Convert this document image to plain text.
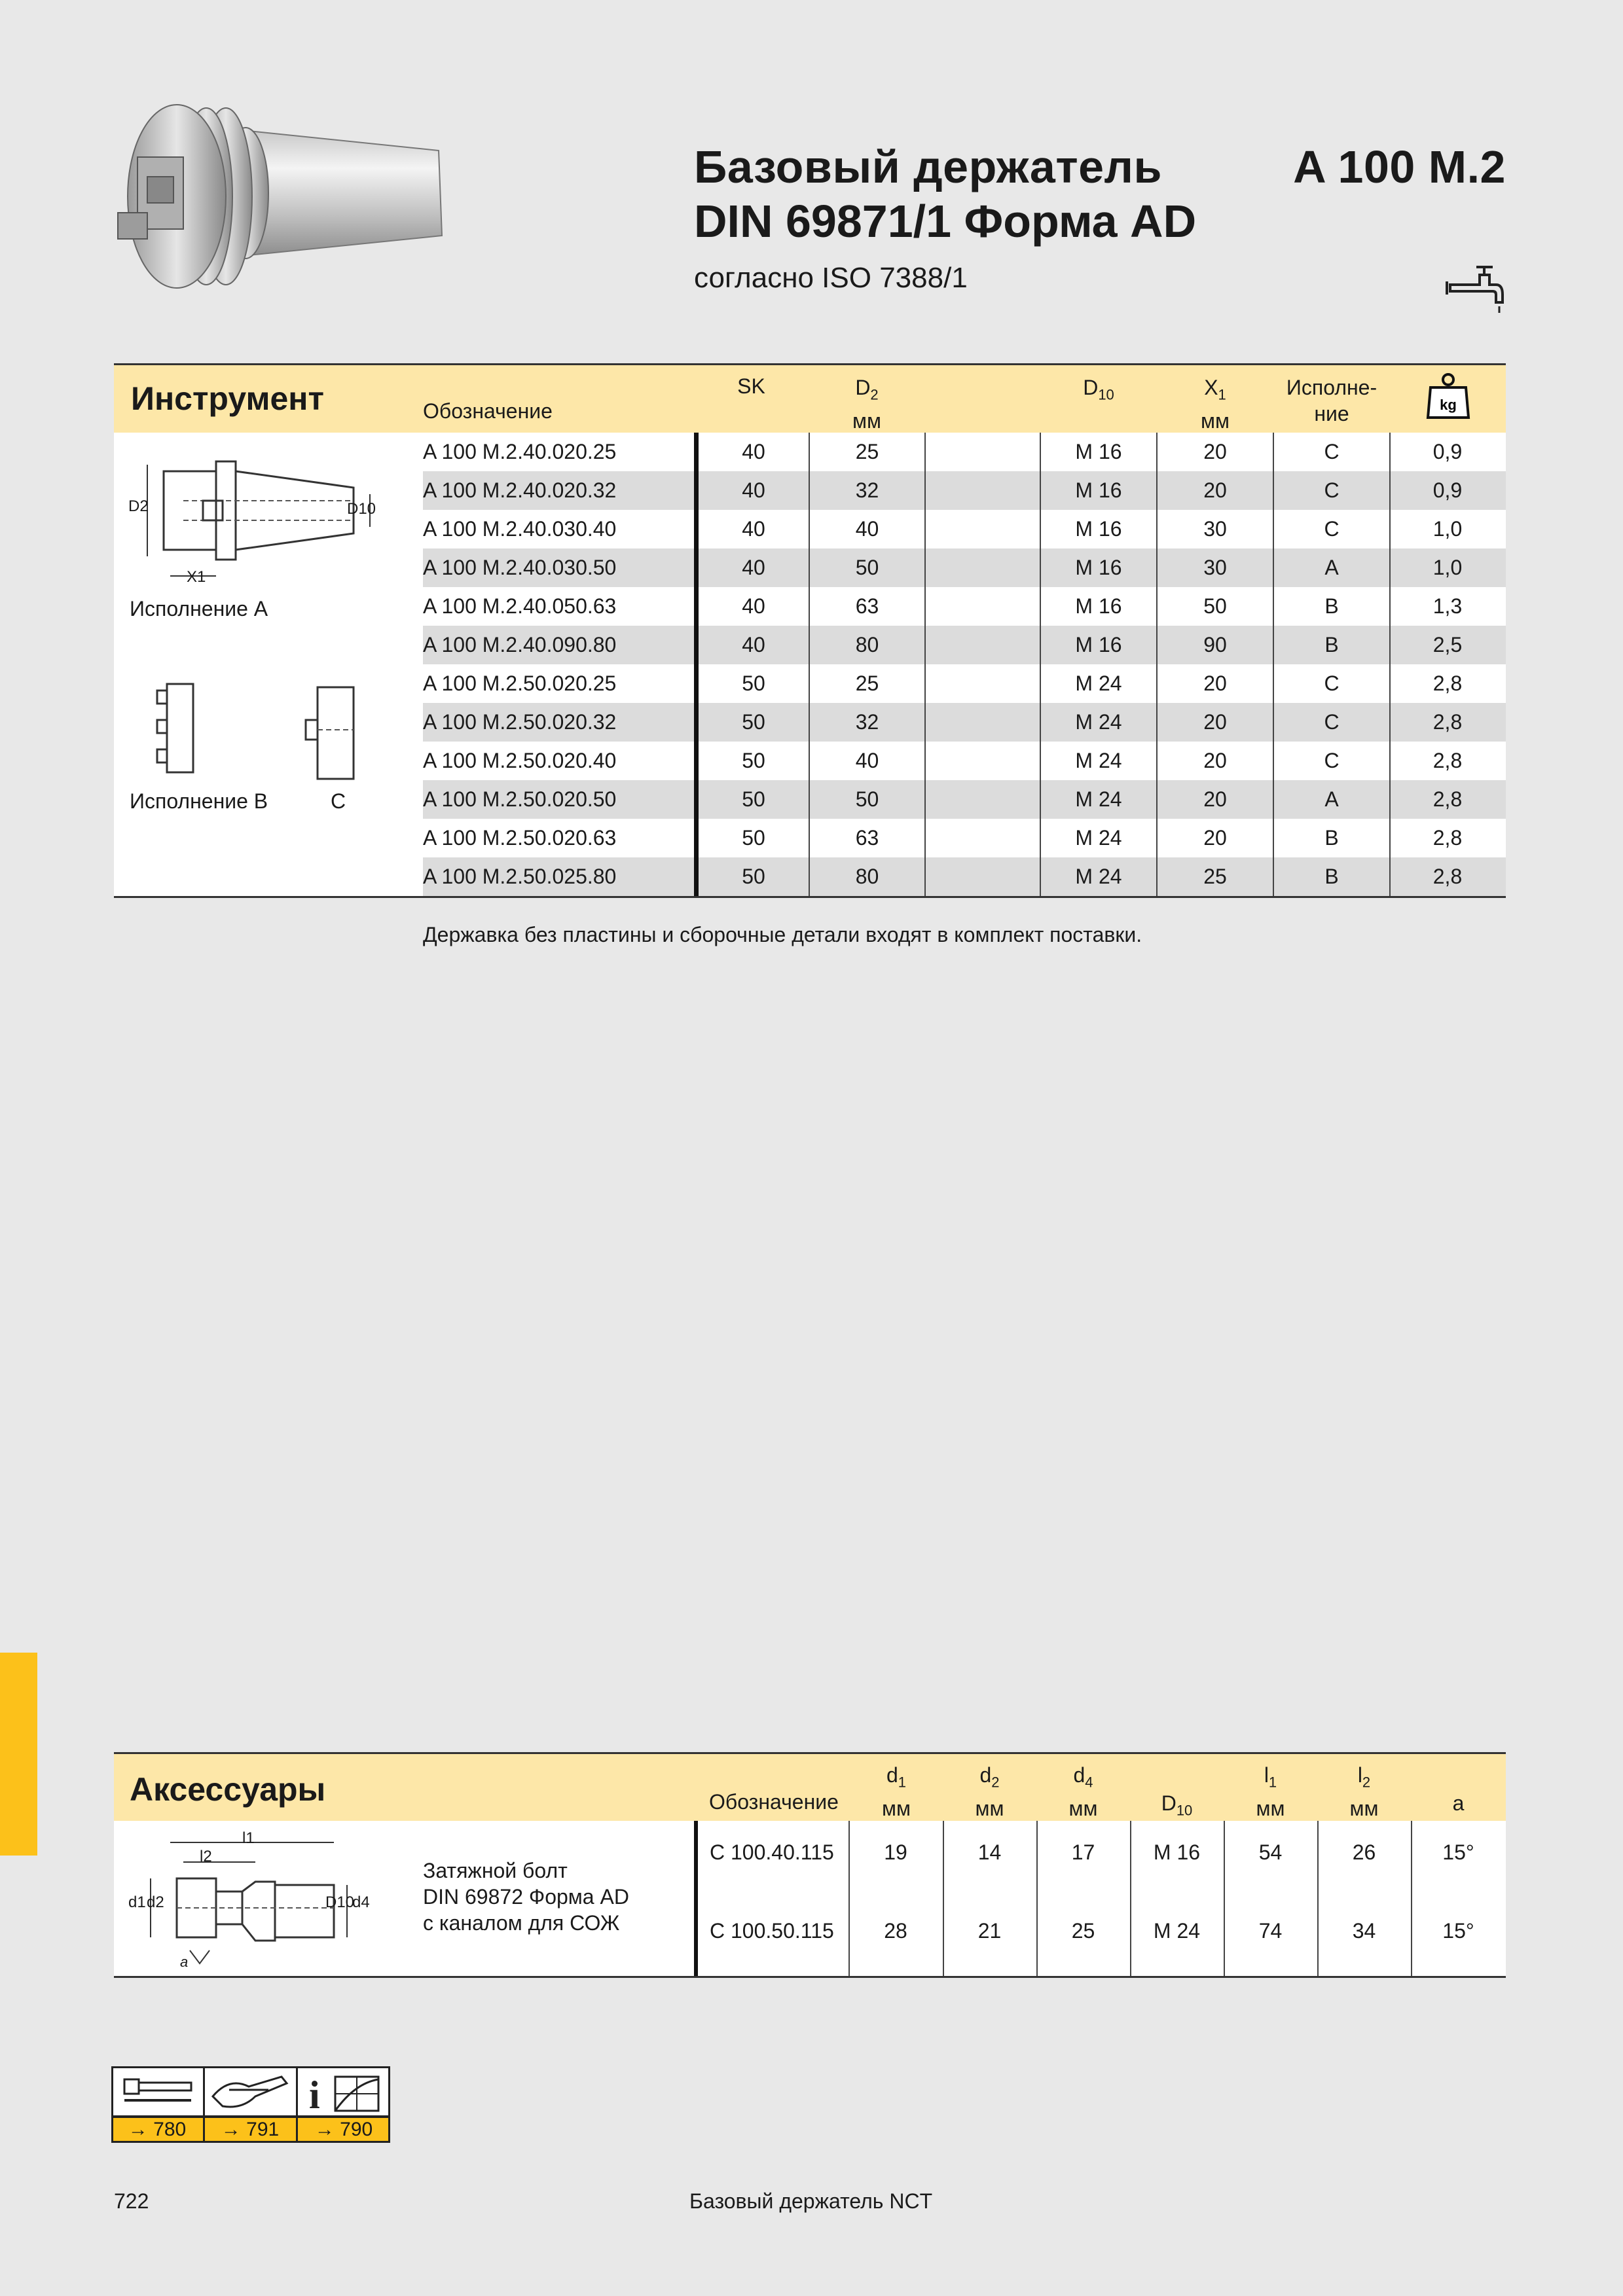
Базовый держатель	A 100 M.2
DIN 69871/1 Форма AD
согласно ISO 7388/1
Инструмент	Обозначение
SK	$D_2$
мм
$D_{10}$	$X_1$
мм
Исполне-
ние	kg
D2	D10
X1
Исполнение A
Исполнение B	C
A 100 M.2.40.020.25	40	25	M 16	20	C	0,9
A 100 M.2.40.020.32	40	32	M 16	20	C	0,9
A 100 M.2.40.030.40	40	40	M 16	30	C	1,0
A 100 M.2.40.030.50	40	50	M 16	30	A	1,0
A 100 M.2.40.050.63	40	63	M 16	50	B	1,3
A 100 M.2.40.090.80	40	80	M 16	90	B	2,5
A 100 M.2.50.020.25	50	25	M 24	20	C	2,8
A 100 M.2.50.020.32	50	32	M 24	20	C	2,8
A 100 M.2.50.020.40	50	40	M 24	20	C	2,8
A 100 M.2.50.020.50	50	50	M 24	20	A	2,8
A 100 M.2.50.020.63	50	63	M 24	20	B	2,8
A 100 M.2.50.025.80	50	80	M 24	25	B	2,8
Державка без пластины и сборочные детали входят в комплект поставки.
Аксессуары	Обозначение
$d_1$
мм
$d_2$
мм
$d_4$
мм	$D_{10}$
$l_1$
мм
$l_2$
мм	a
l1
l2
d1 d2	D10
d4
a
Затяжной болт
DIN 69872 Форма AD
с каналом для СОЖ
C 100.40.115	19	14	17	M 16	54	26	15°
C 100.50.115	28	21	25	M 24	74	34	15°
i
→ 780	→ 791	→ 790
722	Базовый держатель NCT
